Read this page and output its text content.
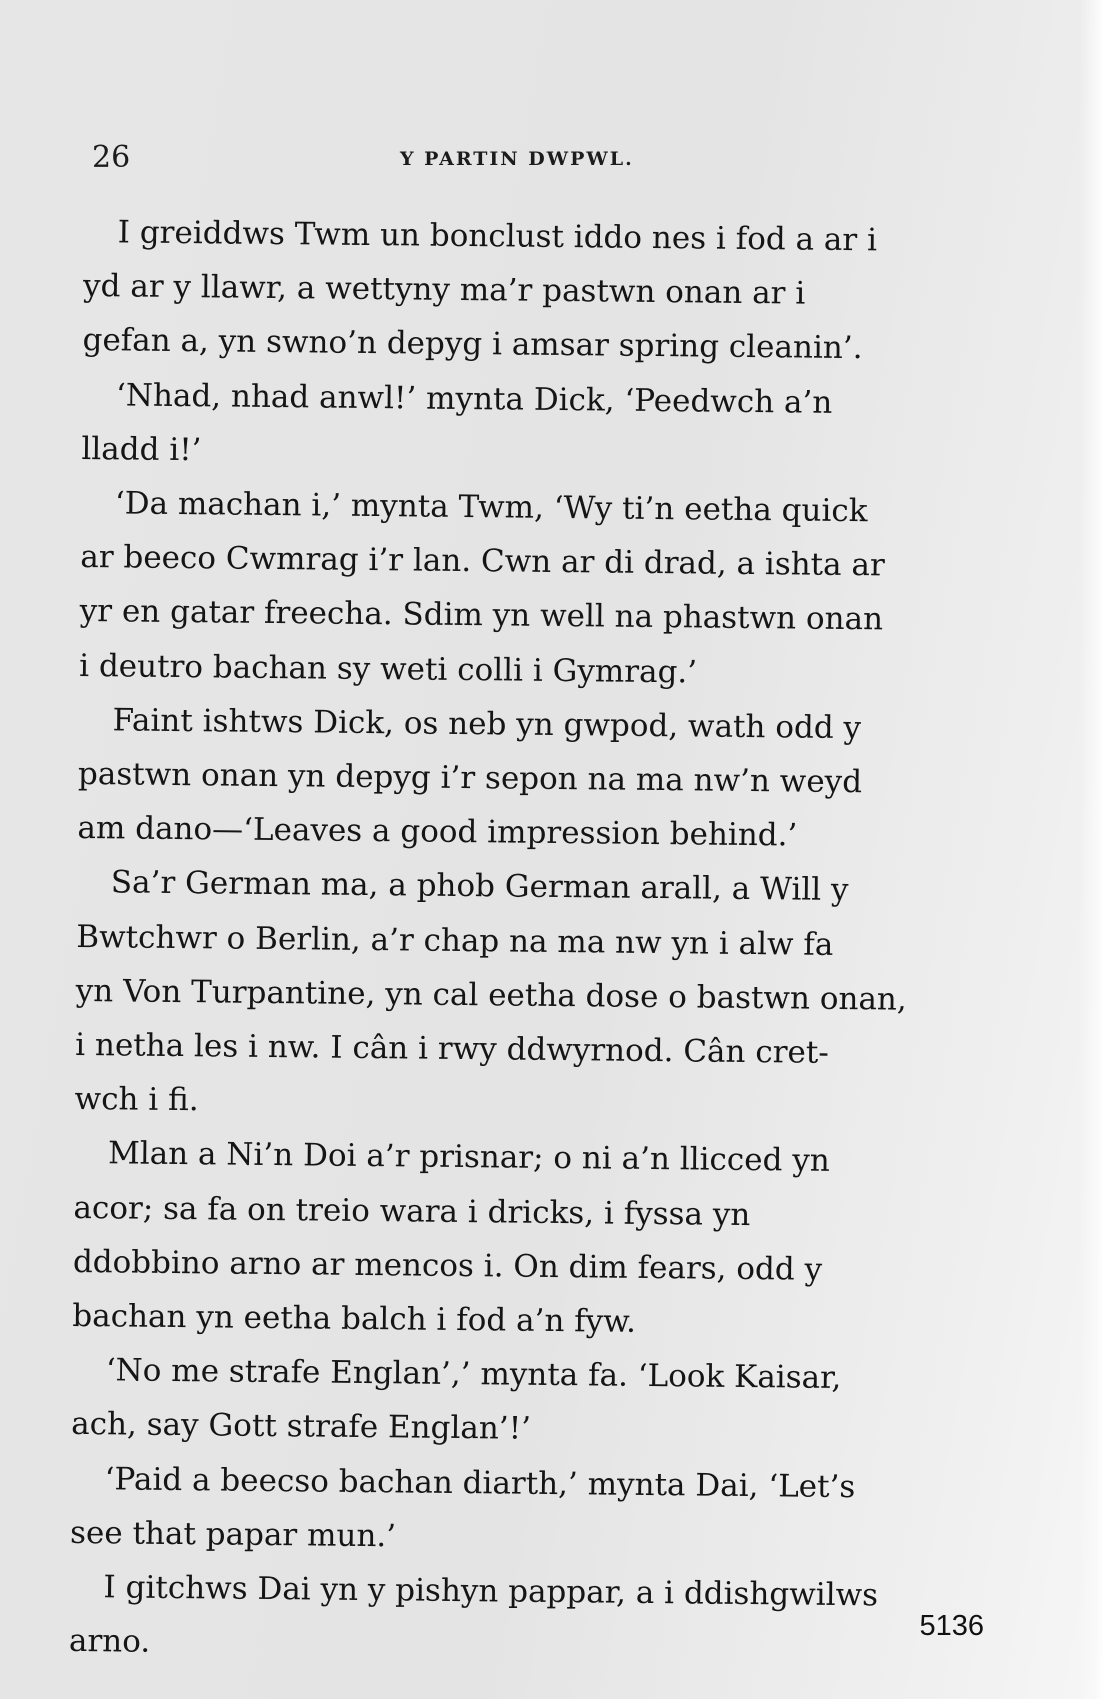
26	Y PARTIN DWPWL.

I greiddws Twm un bonclust iddo nes i fod a ar i
yd ar y llawr, a wettyny ma’r pastwn onan ar i
gefan a, yn swno’n depyg i amsar spring cleanin’.

‘Nhad, nhad anwl!’ mynta Dick, ‘Peedwch a’n
lladd i!’

‘Da machan i,’ mynta Twm, ‘Wy ti’n eetha quick
ar beeco Cwmrag i’r lan. Cwn ar di drad, a ishta ar
yr en gatar freecha. Sdim yn well na phastwn onan
i deutro bachan sy weti colli i Gymrag.’

Faint ishtws Dick, os neb yn gwpod, wath odd y
pastwn onan yn depyg i’r sepon na ma nw’n weyd
am dano—‘Leaves a good impression behind.’

Sa’r German ma, a phob German arall, a Will y
Bwtchwr o Berlin, a’r chap na ma nw yn i alw fa
yn Von Turpantine, yn cal eetha dose o bastwn onan,
i netha les i nw. I cân i rwy ddwyrnod. Cân cret-
wch i fi.

Mlan a Ni’n Doi a’r prisnar; o ni a’n llicced yn
acor; sa fa on treio wara i dricks, i fyssa yn
ddobbino arno ar mencos i. On dim fears, odd y
bachan yn eetha balch i fod a’n fyw.

‘No me strafe Englan’,’ mynta fa. ‘Look Kaisar,
ach, say Gott strafe Englan’!’

‘Paid a beecso bachan diarth,’ mynta Dai, ‘Let’s
see that papar mun.’

I gitchws Dai yn y pishyn pappar, a i ddishgwilws
arno.	5136
